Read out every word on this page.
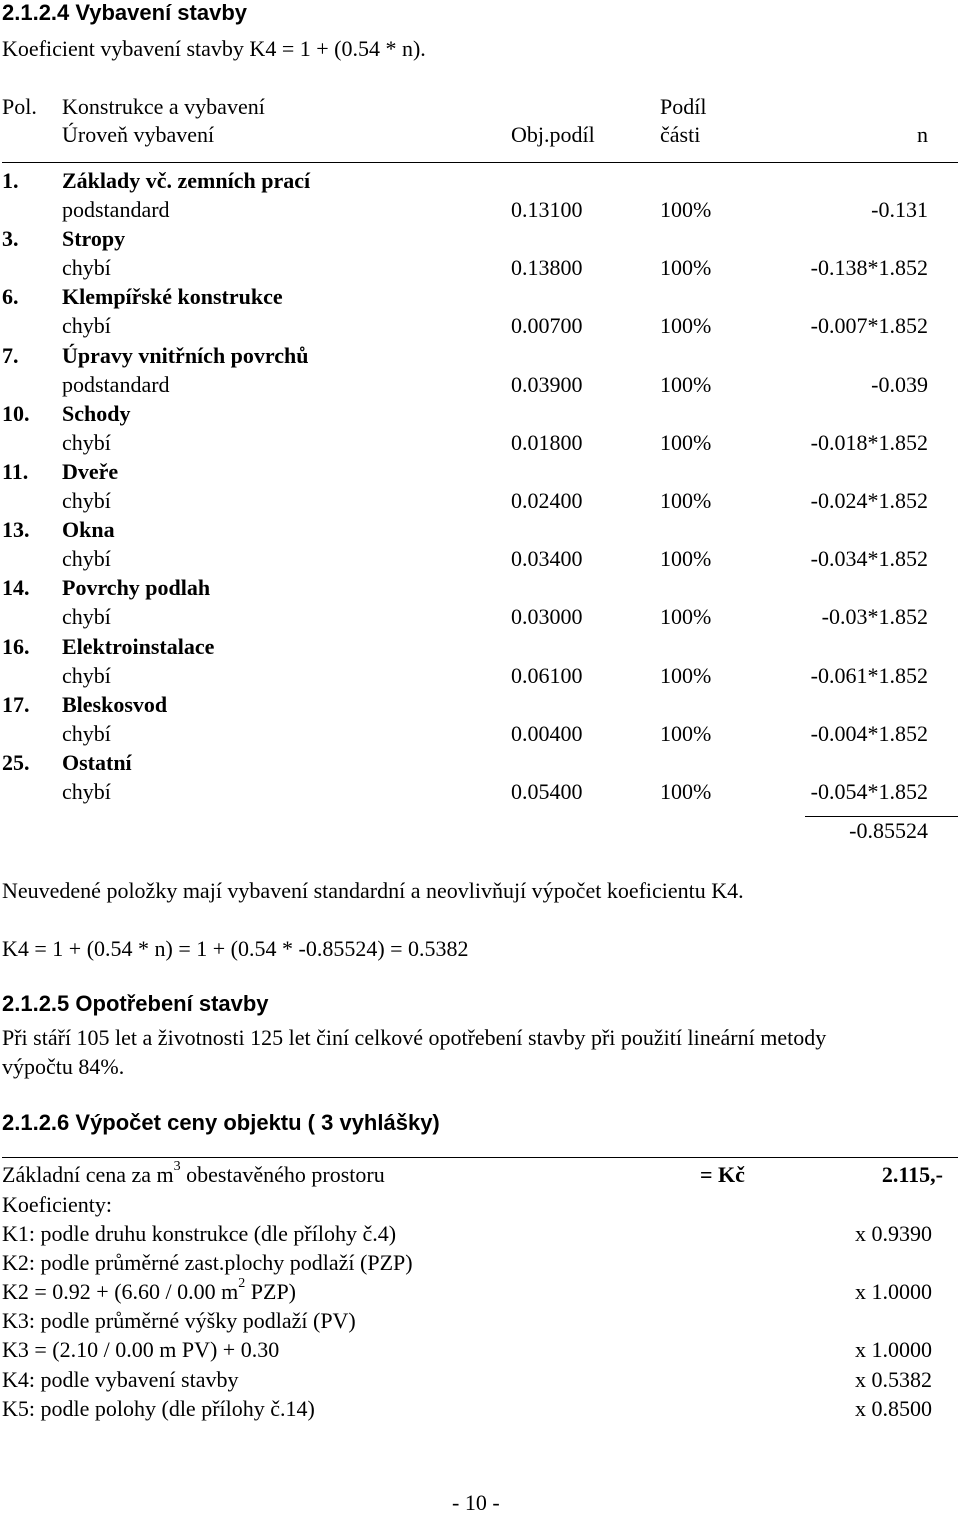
2.1.2.4 Vybavení stavby
Koeficient vybavení stavby K4 = 1 + (0.54 * n).
Pol. Konstrukce a vybavení	Podíl
Úroveň vybavení	Obj.podíl	části	n
1. Základy vč. zemních prací
podstandard	0.13100	100%	-0.131
3. Stropy
chybí	0.13800	100%	-0.138*1.852
6. Klempířské konstrukce
chybí	0.00700	100%	-0.007*1.852
7. Úpravy vnitřních povrchů
podstandard	0.03900	100%	-0.039
10. Schody
chybí	0.01800	100%	-0.018*1.852
11. Dveře
chybí	0.02400	100%	-0.024*1.852
13. Okna
chybí	0.03400	100%	-0.034*1.852
14. Povrchy podlah
chybí	0.03000	100%	-0.03*1.852
16. Elektroinstalace
chybí	0.06100	100%	-0.061*1.852
17. Bleskosvod
chybí	0.00400	100%	-0.004*1.852
25. Ostatní
chybí	0.05400	100%	-0.054*1.852
-0.85524
Neuvedené položky mají vybavení standardní a neovlivňují výpočet koeficientu K4.
K4 = 1 + (0.54 * n) = 1 + (0.54 * -0.85524) = 0.5382
2.1.2.5 Opotřebení stavby
Při stáří 105 let a životnosti 125 let činí celkové opotřebení stavby při použití lineární metody
výpočtu 84%.
2.1.2.6 Výpočet ceny objektu ( 3 vyhlášky)
Základní cena za $m^3$ obestavěného prostoru	= Kč	2.115,-
Koeficienty:
K1: podle druhu konstrukce (dle přílohy č.4)	x 0.9390
K2: podle průměrné zast.plochy podlaží (PZP)
K2 = 0.92 + (6.60 / 0.00 $m^2$ PZP)	x 1.0000
K3: podle průměrné výšky podlaží (PV)
K3 = (2.10 / 0.00 m PV) + 0.30	x 1.0000
K4: podle vybavení stavby	x 0.5382
K5: podle polohy (dle přílohy č.14)	x 0.8500
- 10 -
